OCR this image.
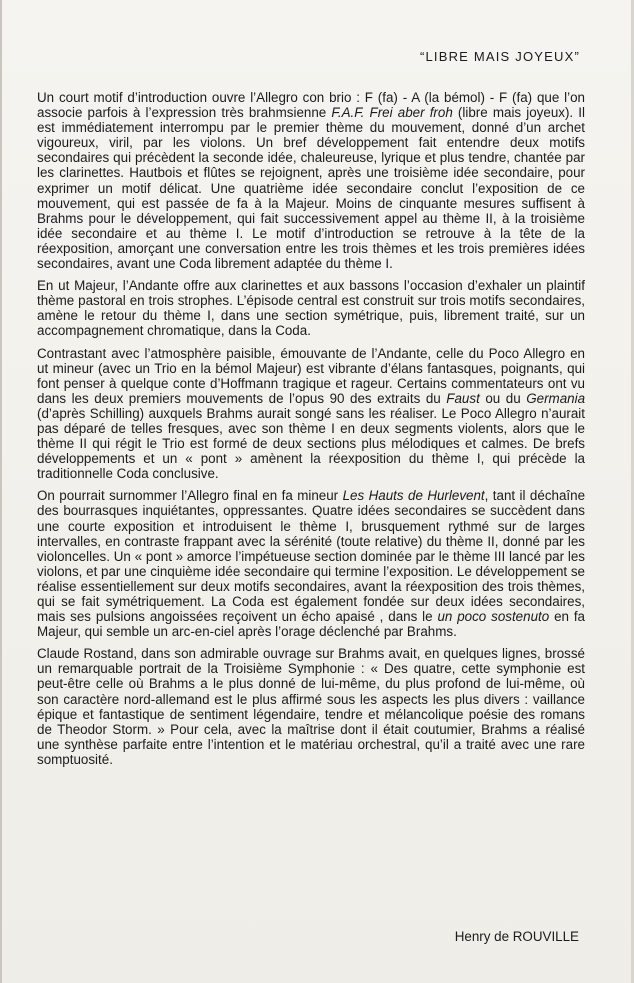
“LIBRE MAIS JOYEUX”

Un court motif d’introduction ouvre l’Allegro con brio : F (fa) - A (la bémol) - F (fa) que l’on associe parfois à l’expression très brahmsienne F.A.F. Frei aber froh (libre mais joyeux). Il est immédiatement interrompu par le premier thème du mouvement, donné d’un archet vigoureux, viril, par les violons. Un bref développement fait entendre deux motifs secondaires qui précèdent la seconde idée, chaleureuse, lyrique et plus tendre, chantée par les clarinettes. Hautbois et flûtes se rejoignent, après une troisième idée secondaire, pour exprimer un motif délicat. Une quatrième idée secondaire conclut l’exposition de ce mouvement, qui est passée de fa à la Majeur. Moins de cinquante mesures suffisent à Brahms pour le développement, qui fait successivement appel au thème II, à la troisième idée secondaire et au thème I. Le motif d’introduction se retrouve à la tête de la réexposition, amorçant une conversation entre les trois thèmes et les trois premières idées secondaires, avant une Coda librement adaptée du thème I.

En ut Majeur, l’Andante offre aux clarinettes et aux bassons l’occasion d’exhaler un plaintif thème pastoral en trois strophes. L’épisode central est construit sur trois motifs secondaires, amène le retour du thème I, dans une section symétrique, puis, librement traité, sur un accompagnement chromatique, dans la Coda.

Contrastant avec l’atmosphère paisible, émouvante de l’Andante, celle du Poco Allegro en ut mineur (avec un Trio en la bémol Majeur) est vibrante d’élans fantasques, poignants, qui font penser à quelque conte d’Hoffmann tragique et rageur. Certains commentateurs ont vu dans les deux premiers mouvements de l’opus 90 des extraits du Faust ou du Germania (d’après Schilling) auxquels Brahms aurait songé sans les réaliser. Le Poco Allegro n’aurait pas déparé de telles fresques, avec son thème I en deux segments violents, alors que le thème II qui régit le Trio est formé de deux sections plus mélodiques et calmes. De brefs développements et un « pont » amènent la réexposition du thème I, qui précède la traditionnelle Coda conclusive.

On pourrait surnommer l’Allegro final en fa mineur Les Hauts de Hurlevent, tant il déchaîne des bourrasques inquiétantes, oppressantes. Quatre idées secondaires se succèdent dans une courte exposition et introduisent le thème I, brusquement rythmé sur de larges intervalles, en contraste frappant avec la sérénité (toute relative) du thème II, donné par les violoncelles. Un « pont » amorce l’impétueuse section dominée par le thème III lancé par les violons, et par une cinquième idée secondaire qui termine l’exposition. Le développement se réalise essentiellement sur deux motifs secondaires, avant la réexposition des trois thèmes, qui se fait symétriquement. La Coda est également fondée sur deux idées secondaires, mais ses pulsions angoissées reçoivent un écho apaisé , dans le un poco sostenuto en fa Majeur, qui semble un arc-en-ciel après l’orage déclenché par Brahms.

Claude Rostand, dans son admirable ouvrage sur Brahms avait, en quelques lignes, brossé un remarquable portrait de la Troisième Symphonie : « Des quatre, cette symphonie est peut-être celle où Brahms a le plus donné de lui-même, du plus profond de lui-même, où son caractère nord-allemand est le plus affirmé sous les aspects les plus divers : vaillance épique et fantastique de sentiment légendaire, tendre et mélancolique poésie des romans de Theodor Storm. » Pour cela, avec la maîtrise dont il était coutumier, Brahms a réalisé une synthèse parfaite entre l’intention et le matériau orchestral, qu’il a traité avec une rare somptuosité.

Henry de ROUVILLE
